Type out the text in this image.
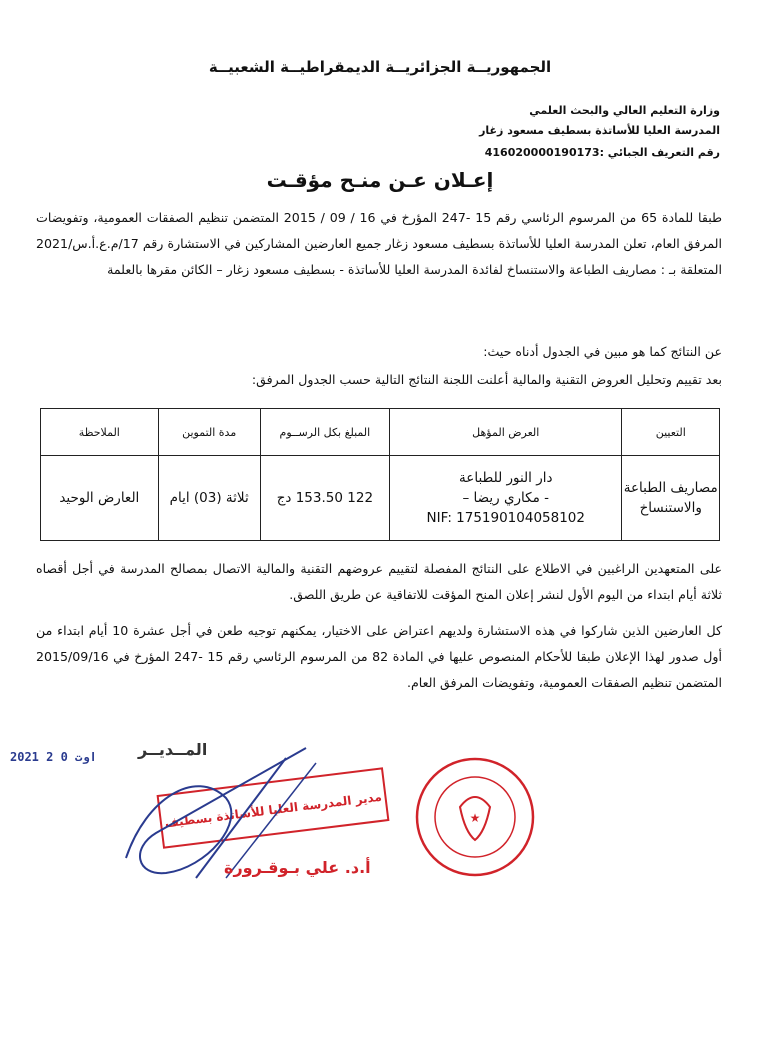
الجمهوريــة الجزائريــة الديمقراطيــة الشعبيــة
وزارة التعليم العالي والبحث العلمي
المدرسة العليا للأساتذة بسطيف مسعود زغار
رقم التعريف الجبائي :416020000190173
إعـلان عـن منـح مؤقـت
طبقا للمادة 65 من المرسوم الرئاسي رقم 15 -247 المؤرخ في 16 / 09 / 2015 المتضمن تنظيم الصفقات العمومية، وتفويضات المرفق العام، تعلن المدرسة العليا للأساتذة بسطيف مسعود زغار جميع العارضين المشاركين في الاستشارة رقم 17/م.ع.أ.س/2021 المتعلقة بـ : مصاريف الطباعة والاستنساخ لفائدة المدرسة العليا للأساتذة - بسطيف مسعود زغار – الكائن مقرها بالعلمة
عن النتائج كما هو مبين في الجدول أدناه حيث:
بعد تقييم وتحليل العروض التقنية والمالية أعلنت اللجنة النتائج التالية حسب الجدول المرفق:
التعيين	العرض المؤهل	المبلغ بكل الرســوم	مدة التموين	الملاحظة
مصاريف الطباعة والاستنساخ	دار النور للطباعة
- مكاري ريضا –
NIF: 175190104058102	122 153.50 دج	ثلاثة (03) ايام	العارض الوحيد
على المتعهدين الراغبين في الاطلاع على النتائج المفصلة لتقييم عروضهم التقنية والمالية الاتصال بمصالح المدرسة في أجل أقصاه ثلاثة أيام ابتداء من اليوم الأول لنشر إعلان المنح المؤقت للاتفاقية عن طريق اللصق.
كل العارضين الذين شاركوا في هذه الاستشارة ولديهم اعتراض على الاختيار، يمكنهم توجيه طعن في أجل عشرة 10 أيام ابتداء من أول صدور لهذا الإعلان طبقا للأحكام المنصوص عليها في المادة 82 من المرسوم الرئاسي رقم 15 -247 المؤرخ في 2015/09/16 المتضمن تنظيم الصفقات العمومية، وتفويضات المرفق العام.
2021 اوت 0 2	المــديــر
مدير المدرسة العليا للأساتذة بسطيف	★
أ.د. علي بـوقـرورة
